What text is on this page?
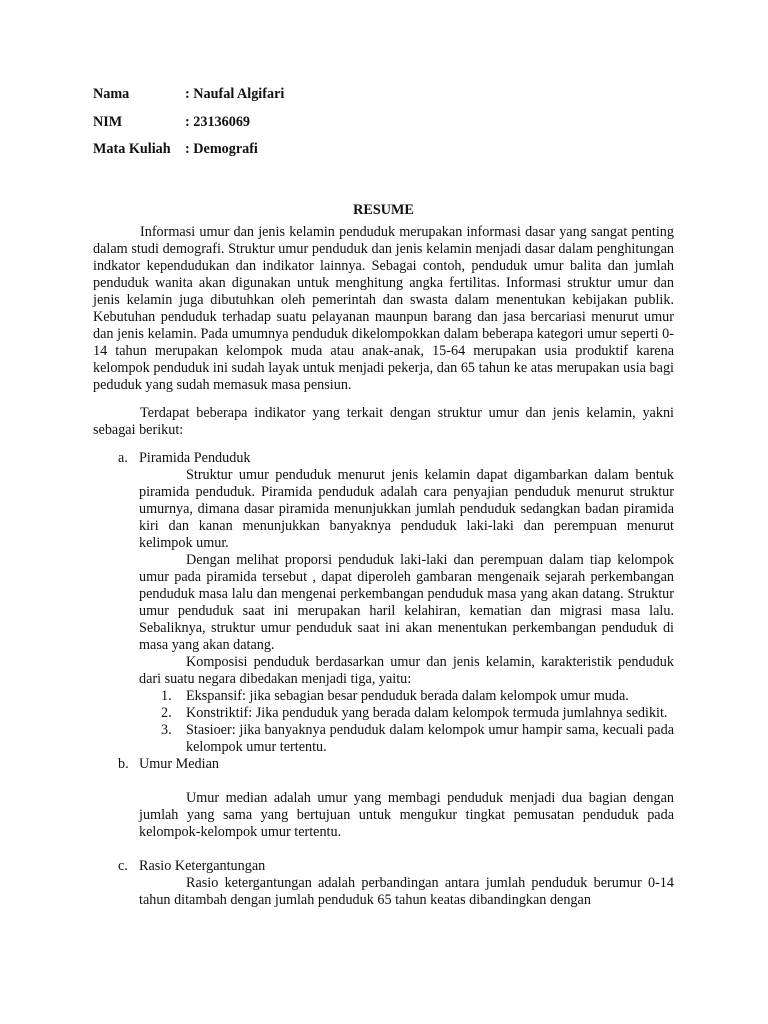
Nama	: Naufal Algifari
NIM	: 23136069
Mata Kuliah	: Demografi
RESUME

Informasi umur dan jenis kelamin penduduk merupakan informasi dasar yang sangat penting dalam studi demografi. Struktur umur penduduk dan jenis kelamin menjadi dasar dalam penghitungan indkator kependudukan dan indikator lainnya. Sebagai contoh, penduduk umur balita dan jumlah penduduk wanita akan digunakan untuk menghitung angka fertilitas. Informasi struktur umur dan jenis kelamin juga dibutuhkan oleh pemerintah dan swasta dalam menentukan kebijakan publik. Kebutuhan penduduk terhadap suatu pelayanan maunpun barang dan jasa bercariasi menurut umur dan jenis kelamin. Pada umumnya penduduk dikelompokkan dalam beberapa kategori umur seperti 0-14 tahun merupakan kelompok muda atau anak-anak, 15-64 merupakan usia produktif karena kelompok penduduk ini sudah layak untuk menjadi pekerja, dan 65 tahun ke atas merupakan usia bagi peduduk yang sudah memasuk masa pensiun.

Terdapat beberapa indikator yang terkait dengan struktur umur dan jenis kelamin, yakni sebagai berikut:

a. Piramida Penduduk

Struktur umur penduduk menurut jenis kelamin dapat digambarkan dalam bentuk piramida penduduk. Piramida penduduk adalah cara penyajian penduduk menurut struktur umurnya, dimana dasar piramida menunjukkan jumlah penduduk sedangkan badan piramida kiri dan kanan menunjukkan banyaknya penduduk laki-laki dan perempuan menurut kelimpok umur.

Dengan melihat proporsi penduduk laki-laki dan perempuan dalam tiap kelompok umur pada piramida tersebut , dapat diperoleh gambaran mengenaik sejarah perkembangan penduduk masa lalu dan mengenai perkembangan penduduk masa yang akan datang. Struktur umur penduduk saat ini merupakan haril kelahiran, kematian dan migrasi masa lalu. Sebaliknya, struktur umur penduduk saat ini akan menentukan perkembangan penduduk di masa yang akan datang.

Komposisi penduduk berdasarkan umur dan jenis kelamin, karakteristik penduduk dari suatu negara dibedakan menjadi tiga, yaitu:

1. Ekspansif: jika sebagian besar penduduk berada dalam kelompok umur muda.
2. Konstriktif: Jika penduduk yang berada dalam kelompok termuda jumlahnya sedikit.
3. Stasioer: jika banyaknya penduduk dalam kelompok umur hampir sama, kecuali pada kelompok umur tertentu.
b. Umur Median

Umur median adalah umur yang membagi penduduk menjadi dua bagian dengan jumlah yang sama yang bertujuan untuk mengukur tingkat pemusatan penduduk pada kelompok-kelompok umur tertentu.

c. Rasio Ketergantungan

Rasio ketergantungan adalah perbandingan antara jumlah penduduk berumur 0-14 tahun ditambah dengan jumlah penduduk 65 tahun keatas dibandingkan dengan
